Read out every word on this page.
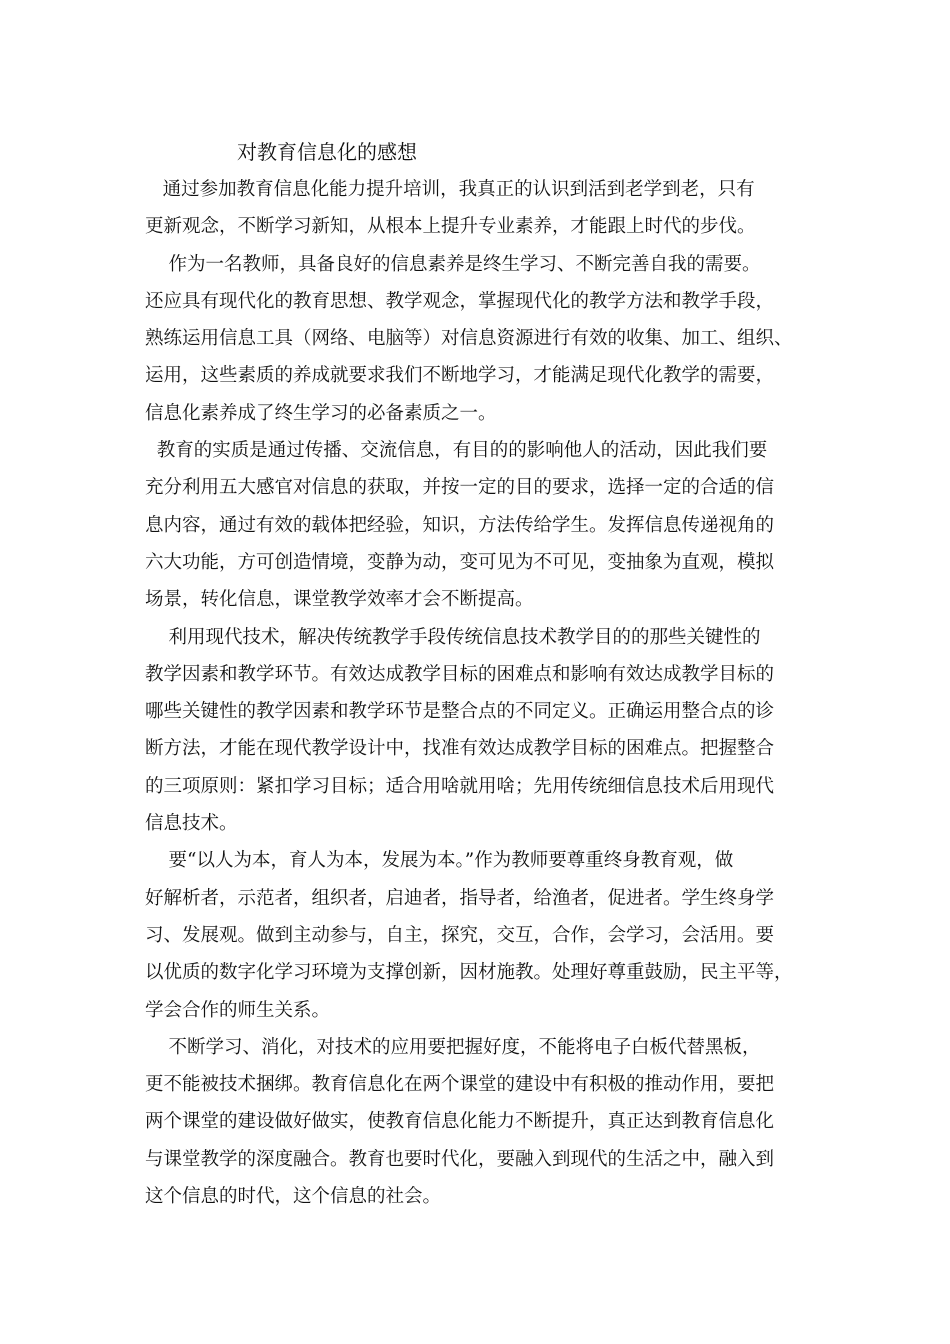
对教育信息化的感想
通过参加教育信息化能力提升培训，我真正的认识到活到老学到老，只有
更新观念，不断学习新知，从根本上提升专业素养，才能跟上时代的步伐。
作为一名教师，具备良好的信息素养是终生学习、不断完善自我的需要。
还应具有现代化的教育思想、教学观念，掌握现代化的教学方法和教学手段，
熟练运用信息工具（网络、电脑等）对信息资源进行有效的收集、加工、组织、
运用，这些素质的养成就要求我们不断地学习，才能满足现代化教学的需要，
信息化素养成了终生学习的必备素质之一。
教育的实质是通过传播、交流信息，有目的的影响他人的活动，因此我们要
充分利用五大感官对信息的获取，并按一定的目的要求，选择一定的合适的信
息内容，通过有效的载体把经验，知识，方法传给学生。发挥信息传递视角的
六大功能，方可创造情境，变静为动，变可见为不可见，变抽象为直观，模拟
场景，转化信息，课堂教学效率才会不断提高。
利用现代技术，解决传统教学手段传统信息技术教学目的的那些关键性的
教学因素和教学环节。有效达成教学目标的困难点和影响有效达成教学目标的
哪些关键性的教学因素和教学环节是整合点的不同定义。正确运用整合点的诊
断方法，才能在现代教学设计中，找准有效达成教学目标的困难点。把握整合
的三项原则：紧扣学习目标；适合用啥就用啥；先用传统细信息技术后用现代
信息技术。
要“以人为本，育人为本，发展为本。”作为教师要尊重终身教育观，做
好解析者，示范者，组织者，启迪者，指导者，给渔者，促进者。学生终身学
习、发展观。做到主动参与，自主，探究，交互，合作，会学习，会活用。要
以优质的数字化学习环境为支撑创新，因材施教。处理好尊重鼓励，民主平等，
学会合作的师生关系。
不断学习、消化，对技术的应用要把握好度，不能将电子白板代替黑板，
更不能被技术捆绑。教育信息化在两个课堂的建设中有积极的推动作用，要把
两个课堂的建设做好做实，使教育信息化能力不断提升，真正达到教育信息化
与课堂教学的深度融合。教育也要时代化，要融入到现代的生活之中，融入到
这个信息的时代，这个信息的社会。
